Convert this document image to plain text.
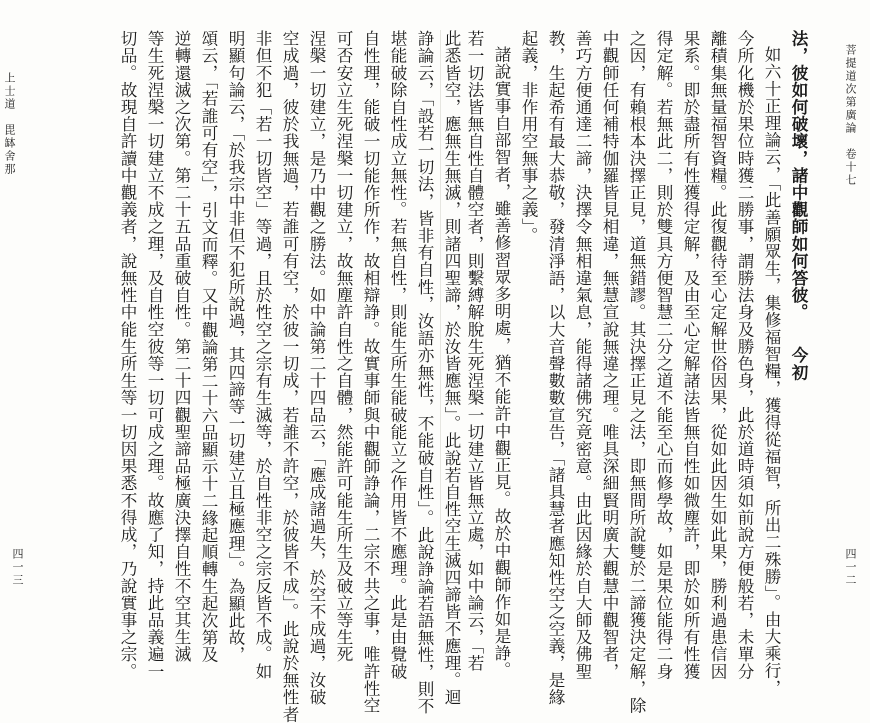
菩提道次第廣論　卷十七
四一二
上士道　毘缽舍那
四一三
法，彼如何破壞，諸中觀師如何答彼。　　今初
如六十正理論云，「此善願眾生，集修福智糧，獲得從福智，所出二殊勝」。由大乘行，
今所化機於果位時獲二勝事，謂勝法身及勝色身，此於道時須如前說方便般若，未單分
離積集無量福智資糧。此復觀待至心定解世俗因果，從如此因生如此果，勝利過患信因
果系。即於盡所有性獲得定解，及由至心定解諸法皆無自性如微塵許，即於如所有性獲
得定解。若無此二，則於雙具方便智慧二分之道不能至心而修學故，如是果位能得二身
之因，有賴根本決擇正見，道無錯謬。其決擇正見之法，即無間所說雙於二諦獲決定解，除
中觀師任何補特伽羅皆見相違，無慧宣說無違之理。唯具深細賢明廣大觀慧中觀智者，
善巧方便通達二諦，決擇令無相違氣息，能得諸佛究竟密意。由此因緣於自大師及佛聖
教，生起希有最大恭敬，發清淨語，以大音聲數數宣告，「諸具慧者應知性空之空義，是緣
起義，非作用空無事之義」。
諸說實事自部智者，雖善修習眾多明處，猶不能許中觀正見。故於中觀師作如是諍。
若一切法皆無自性自體空者，則繫縛解脫生死涅槃一切建立皆無立處，如中論云，「若
此悉皆空，應無生無滅，則諸四聖諦，於汝皆應無」。此說若自性空生滅四諦皆不應理。迴
諍論云，「設若一切法，皆非有自性，汝語亦無性，不能破自性」。此說諍論若語無性，則不
堪能破除自性成立無性。若無自性，則能生所生能破能立之作用皆不應理。此是由覺破
自性理，能破一切能作所作，故相辯諍。故實事師與中觀師諍論，二宗不共之事，唯許性空
可否安立生死涅槃一切建立，故無塵許自性之自體，然能許可能生所生及破立等生死
涅槃一切建立，是乃中觀之勝法。如中論第二十四品云，「應成諸過失，於空不成過，汝破
空成過，彼於我無過，若誰可有空，於彼一切成，若誰不許空，於彼皆不成」。此說於無性者
非但不犯「若一切皆空」等過，且於性空之宗有生滅等，於自性非空之宗反皆不成。如
明顯句論云，「於我宗中非但不犯所說過，其四諦等一切建立且極應理」。為顯此故，
頌云，「若誰可有空」，引文而釋。又中觀論第二十六品顯示十二緣起順轉生起次第及
逆轉還滅之次第。第二十五品重破自性。第二十四觀聖諦品極廣決擇自性不空其生滅
等生死涅槃一切建立不成之理，及自性空彼等一切可成之理。故應了知，持此品義遍一
切品。故現自許讀中觀義者，說無性中能生所生等一切因果悉不得成，乃說實事之宗。
